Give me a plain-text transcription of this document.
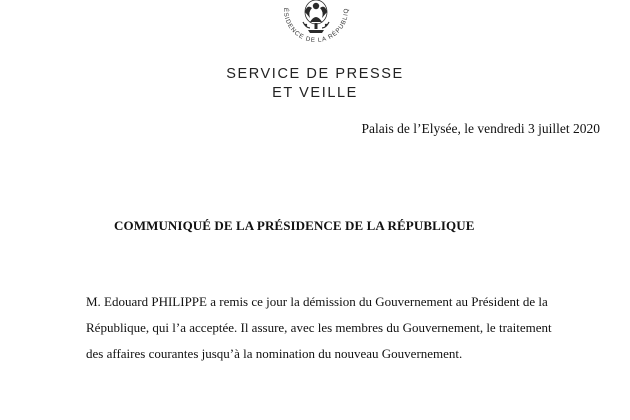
ÉSIDENCE DE LA RÉPUBLIQ
SERVICE DE PRESSE
ET VEILLE
Palais de l’Elysée, le vendredi 3 juillet 2020
COMMUNIQUÉ DE LA PRÉSIDENCE DE LA RÉPUBLIQUE
M. Edouard PHILIPPE a remis ce jour la démission du Gouvernement au Président de la
République, qui l’a acceptée. Il assure, avec les membres du Gouvernement, le traitement
des affaires courantes jusqu’à la nomination du nouveau Gouvernement.
